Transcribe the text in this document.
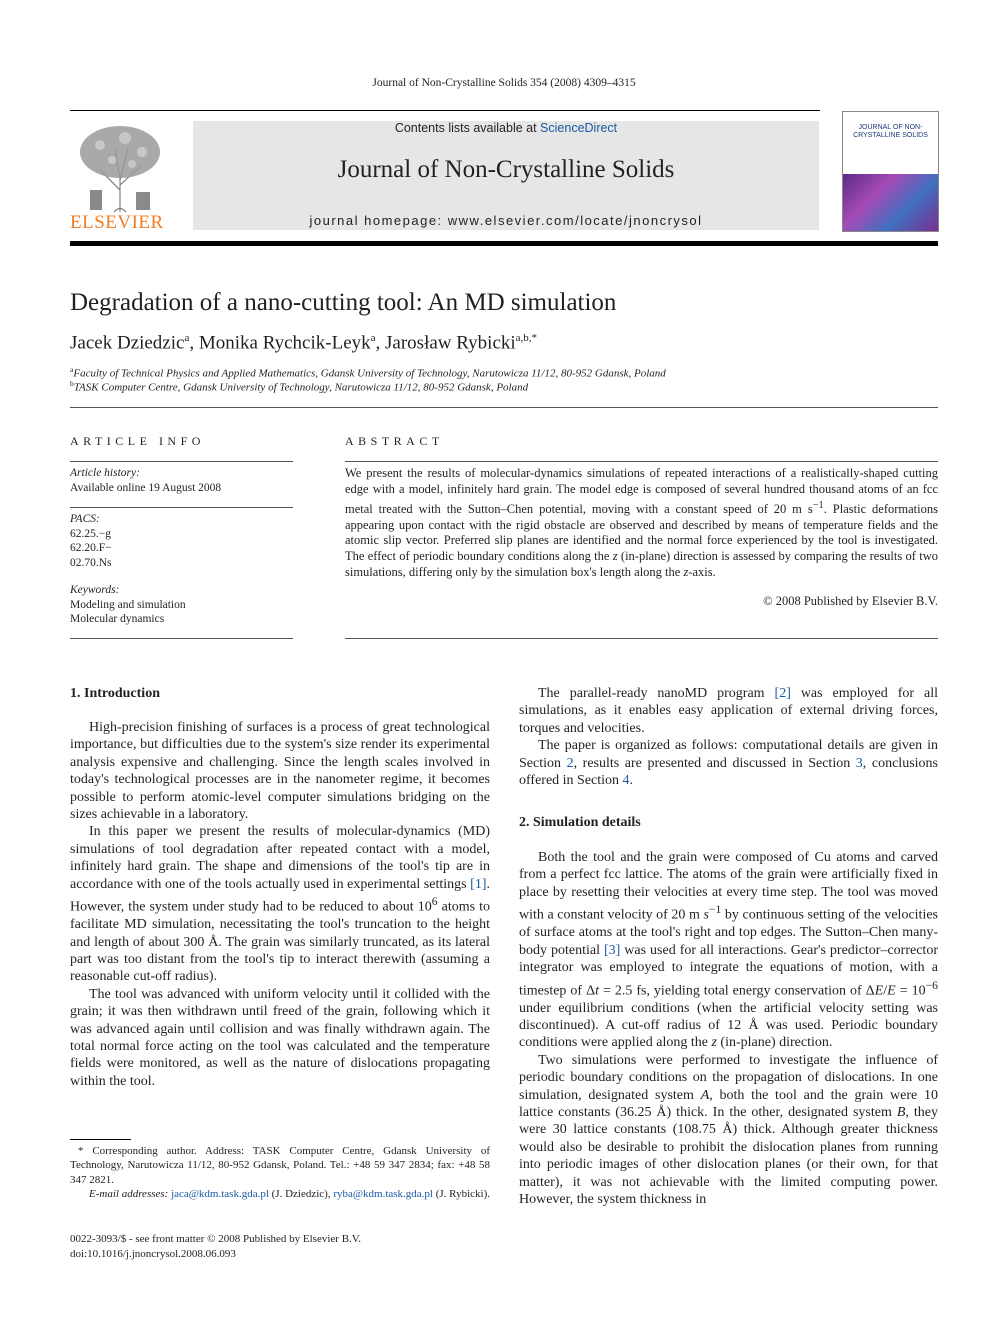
Journal of Non-Crystalline Solids 354 (2008) 4309–4315
ELSEVIER
Contents lists available at ScienceDirect
Journal of Non-Crystalline Solids
journal homepage: www.elsevier.com/locate/jnoncrysol
JOURNAL OF NON-CRYSTALLINE SOLIDS
Degradation of a nano-cutting tool: An MD simulation
Jacek Dziedzic$^a$, Monika Rychcik-Leyk$^a$, Jarosław Rybicki$^{a,b,*}$
$^a$Faculty of Technical Physics and Applied Mathematics, Gdansk University of Technology, Narutowicza 11/12, 80-952 Gdansk, Poland
$^b$TASK Computer Centre, Gdansk University of Technology, Narutowicza 11/12, 80-952 Gdansk, Poland
ARTICLE INFO
Article history:
Available online 19 August 2008
PACS:
62.25.−g
62.20.F−
02.70.Ns
Keywords:
Modeling and simulation
Molecular dynamics
ABSTRACT
We present the results of molecular-dynamics simulations of repeated interactions of a realistically-shaped cutting edge with a model, infinitely hard grain. The model edge is composed of several hundred thousand atoms of an fcc metal treated with the Sutton–Chen potential, moving with a constant speed of 20 m $s^{-1}$. Plastic deformations appearing upon contact with the rigid obstacle are observed and described by means of temperature fields and the atomic slip vector. Preferred slip planes are identified and the normal force experienced by the tool is investigated. The effect of periodic boundary conditions along the z (in-plane) direction is assessed by comparing the results of two simulations, differing only by the simulation box's length along the z-axis.
© 2008 Published by Elsevier B.V.
1. Introduction

High-precision finishing of surfaces is a process of great technological importance, but difficulties due to the system's size render its experimental analysis expensive and challenging. Since the length scales involved in today's technological processes are in the nanometer regime, it becomes possible to perform atomic-level computer simulations bridging on the sizes achievable in a laboratory.

In this paper we present the results of molecular-dynamics (MD) simulations of tool degradation after repeated contact with a model, infinitely hard grain. The shape and dimensions of the tool's tip are in accordance with one of the tools actually used in experimental settings [1]. However, the system under study had to be reduced to about $10^6$ atoms to facilitate MD simulation, necessitating the tool's truncation to the height and length of about 300 Å. The grain was similarly truncated, as its lateral part was too distant from the tool's tip to interact therewith (assuming a reasonable cut-off radius).

The tool was advanced with uniform velocity until it collided with the grain; it was then withdrawn until freed of the grain, following which it was advanced again until collision and was finally withdrawn again. The total normal force acting on the tool was calculated and the temperature fields were monitored, as well as the nature of dislocations propagating within the tool.

* Corresponding author. Address: TASK Computer Centre, Gdansk University of Technology, Narutowicza 11/12, 80-952 Gdansk, Poland. Tel.: +48 59 347 2834; fax: +48 58 347 2821.
E-mail addresses: jaca@kdm.task.gda.pl (J. Dziedzic), ryba@kdm.task.gda.pl (J. Rybicki).
0022-3093/$ - see front matter © 2008 Published by Elsevier B.V.
doi:10.1016/j.jnoncrysol.2008.06.093

The parallel-ready nanoMD program [2] was employed for all simulations, as it enables easy application of external driving forces, torques and velocities.

The paper is organized as follows: computational details are given in Section 2, results are presented and discussed in Section 3, conclusions offered in Section 4.

2. Simulation details

Both the tool and the grain were composed of Cu atoms and carved from a perfect fcc lattice. The atoms of the grain were artificially fixed in place by resetting their velocities at every time step. The tool was moved with a constant velocity of 20 m $s^{-1}$ by continuous setting of the velocities of surface atoms at the tool's right and top edges. The Sutton–Chen many-body potential [3] was used for all interactions. Gear's predictor–corrector integrator was employed to integrate the equations of motion, with a timestep of Δt = 2.5 fs, yielding total energy conservation of $\Delta E/E = 10^{-6}$ under equilibrium conditions (when the artificial velocity setting was discontinued). A cut-off radius of 12 Å was used. Periodic boundary conditions were applied along the z (in-plane) direction.

Two simulations were performed to investigate the influence of periodic boundary conditions on the propagation of dislocations. In one simulation, designated system A, both the tool and the grain were 10 lattice constants (36.25 Å) thick. In the other, designated system B, they were 30 lattice constants (108.75 Å) thick. Although greater thickness would also be desirable to prohibit the dislocation planes from running into periodic images of other dislocation planes (or their own, for that matter), it was not achievable with the limited computing power. However, the system thickness in
